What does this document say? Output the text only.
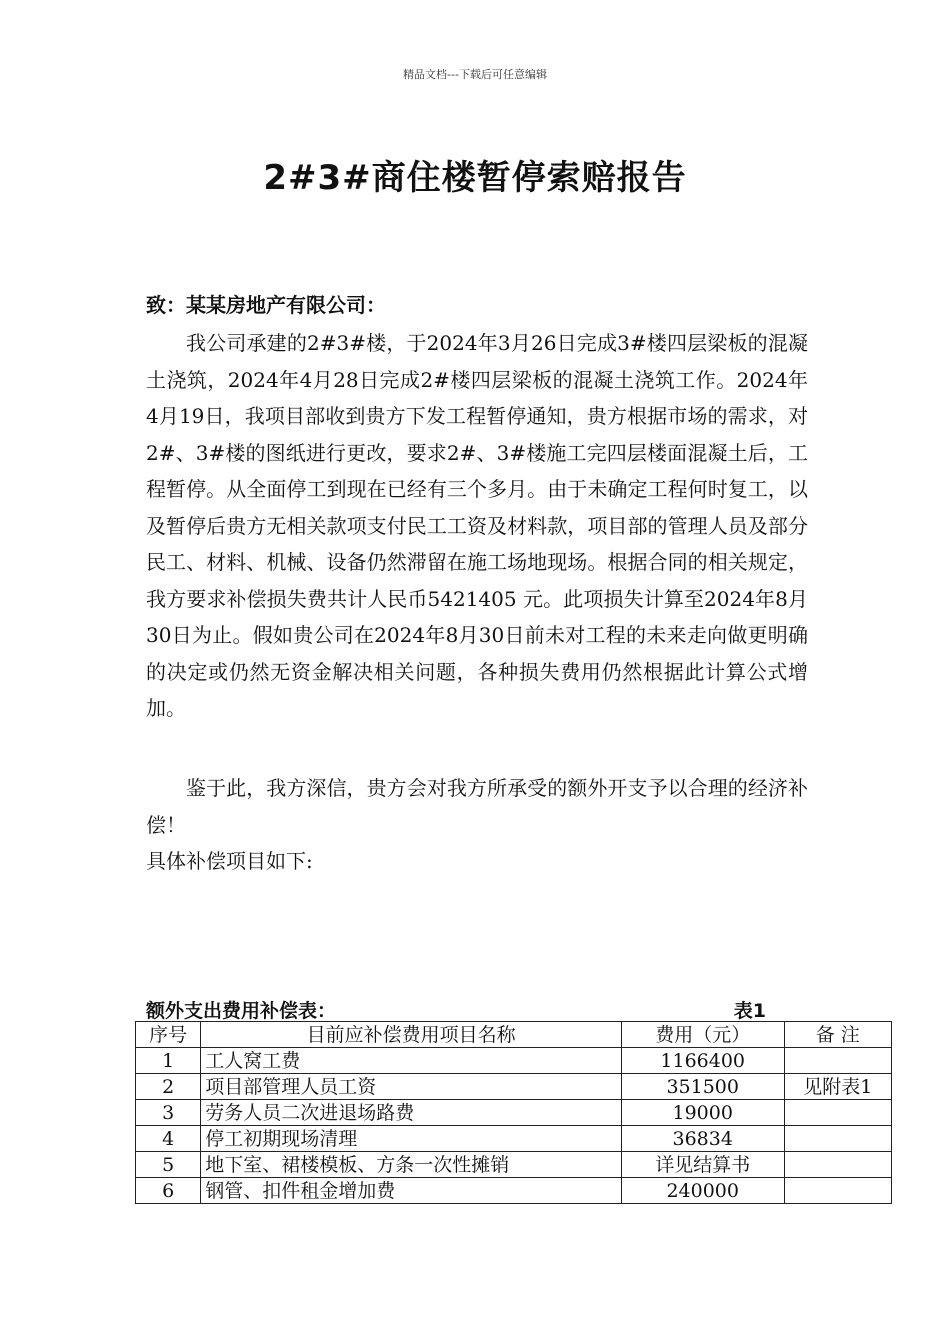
精品文档---下载后可任意编辑
2#3#商住楼暂停索赔报告
致：某某房地产有限公司：

我公司承建的2#3#楼，于2024年3月26日完成3#楼四层梁板的混凝土浇筑，2024年4月28日完成2#楼四层梁板的混凝土浇筑工作。2024年4月19日，我项目部收到贵方下发工程暂停通知，贵方根据市场的需求，对2#、3#楼的图纸进行更改，要求2#、3#楼施工完四层楼面混凝土后，工程暂停。从全面停工到现在已经有三个多月。由于未确定工程何时复工，以及暂停后贵方无相关款项支付民工工资及材料款，项目部的管理人员及部分民工、材料、机械、设备仍然滞留在施工场地现场。根据合同的相关规定，我方要求补偿损失费共计人民币5421405 元。此项损失计算至2024年8月30日为止。假如贵公司在2024年8月30日前未对工程的未来走向做更明确的决定或仍然无资金解决相关问题，各种损失费用仍然根据此计算公式增加。

鉴于此，我方深信，贵方会对我方所承受的额外开支予以合理的经济补偿！

具体补偿项目如下:

额外支出费用补偿表：	表1
序号	目前应补偿费用项目名称	费用（元）	备 注
1	工人窝工费	1166400	
2	项目部管理人员工资	351500	见附表1
3	劳务人员二次进退场路费	19000	
4	停工初期现场清理	36834	
5	地下室、裙楼模板、方条一次性摊销	详见结算书	
6	钢管、扣件租金增加费	240000	
